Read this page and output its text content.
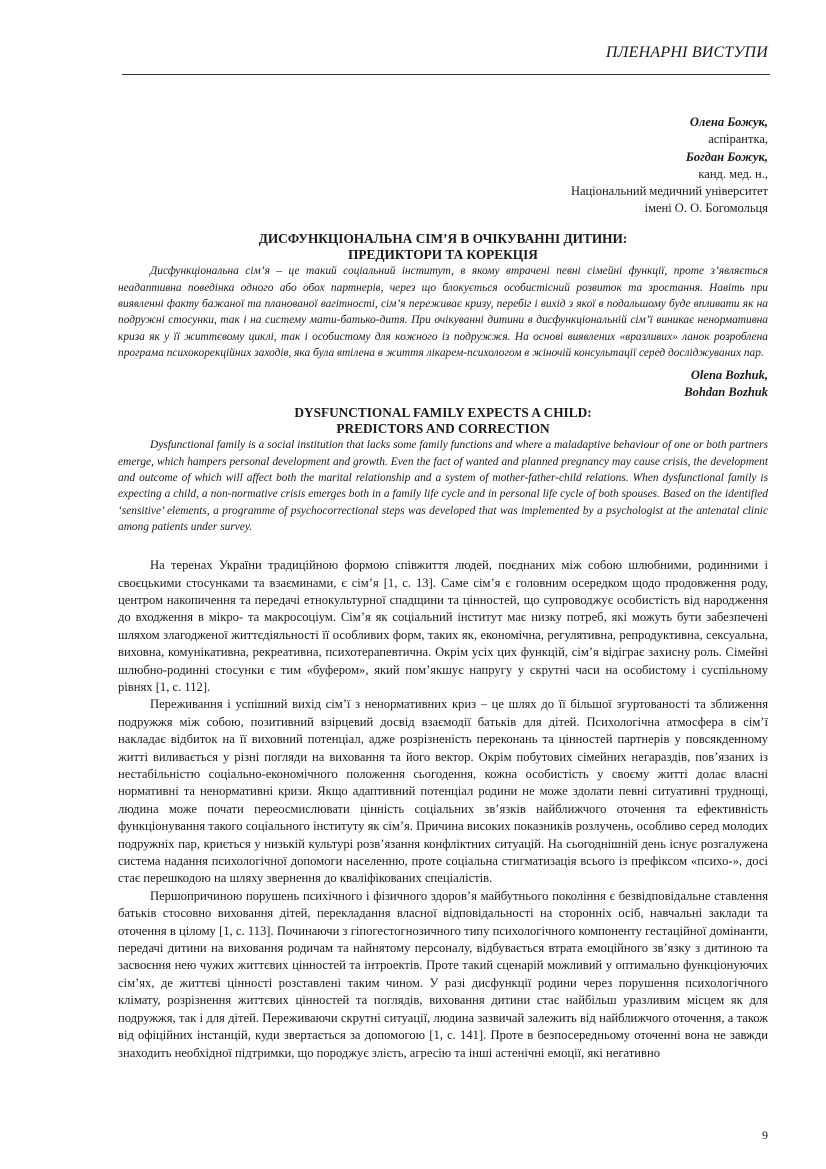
ПЛЕНАРНІ ВИСТУПИ
Олена Божук,
аспірантка,
Богдан Божук,
канд. мед. н.,
Національний медичний університет
імені О. О. Богомольця
ДИСФУНКЦІОНАЛЬНА СІМ’Я В ОЧІКУВАННІ ДИТИНИ:
ПРЕДИКТОРИ ТА КОРЕКЦІЯ

Дисфункціональна сім’я – це такий соціальний інститут, в якому втрачені певні сімейні функції, проте з’являється неадаптивна поведінка одного або обох партнерів, через що блокується особистісний розвиток та зростання. Навіть при виявленні факту бажаної та планованої вагітності, сім’я переживає кризу, перебіг і вихід з якої в подальшому буде впливати як на подружні стосунки, так і на систему мати-батько-дитя. При очікуванні дитини в дисфункціональній сім’ї виникає ненормативна криза як у її життєвому циклі, так і особистому для кожного із подружжя. На основі виявлених «вразливих» ланок розроблена програма психокорекційних заходів, яка була втілена в життя лікарем-психологом в жіночій консультації серед досліджуваних пар.

Olena Bozhuk,
Bohdan Bozhuk
DYSFUNCTIONAL FAMILY EXPECTS A CHILD:
PREDICTORS AND CORRECTION

Dysfunctional family is a social institution that lacks some family functions and where a maladaptive behaviour of one or both partners emerge, which hampers personal development and growth. Even the fact of wanted and planned pregnancy may cause crisis, the development and outcome of which will affect both the marital relationship and a system of mother-father-child relations. When dysfunctional family is expecting a child, a non-normative crisis emerges both in a family life cycle and in personal life cycle of both spouses. Based on the identified ‘sensitive’ elements, a programme of psychocorrectional steps was developed that was implemented by a psychologist at the antenatal clinic among patients under survey.

На теренах України традиційною формою співжиття людей, поєднаних між собою шлюбними, родинними і своєцькими стосунками та взаєминами, є сім’я [1, с. 13]. Саме сім’я є головним осередком щодо продовження роду, центром накопичення та передачі етнокультурної спадщини та цінностей, що супроводжує особистість від народження до входження в мікро- та макросоціум. Сім’я як соціальний інститут має низку потреб, які можуть бути забезпечені шляхом злагодженої життєдіяльності її особливих форм, таких як, економічна, регулятивна, репродуктивна, сексуальна, виховна, комунікативна, рекреативна, психотерапевтична. Окрім усіх цих функцій, сім’я відіграє захисну роль. Сімейні шлюбно-родинні стосунки є тим «буфером», який пом’якшує напругу у скрутні часи на особистому і суспільному рівнях [1, с. 112].

Переживання і успішний вихід сім’ї з ненормативних криз – це шлях до її більшої згуртованості та зближення подружжя між собою, позитивний взірцевий досвід взаємодії батьків для дітей. Психологічна атмосфера в сім’ї накладає відбиток на її виховний потенціал, адже розрізненість переконань та цінностей партнерів у повсякденному житті виливається у різні погляди на виховання та його вектор. Окрім побутових сімейних негараздів, пов’язаних із нестабільністю соціально-економічного положення сьогодення, кожна особистість у своєму житті долає власні нормативні та ненормативні кризи. Якщо адаптивний потенціал родини не може здолати певні ситуативні труднощі, людина може почати переосмислювати цінність соціальних зв’язків найближчого оточення та ефективність функціонування такого соціального інституту як сім’я. Причина високих показників розлучень, особливо серед молодих подружніх пар, криється у низькій культурі розв’язання конфліктних ситуацій. На сьогоднішній день існує розгалужена система надання психологічної допомоги населенню, проте соціальна стигматизація всього із префіксом «психо-», досі стає перешкодою на шляху звернення до кваліфікованих спеціалістів.

Першопричиною порушень психічного і фізичного здоров’я майбутнього покоління є безвідповідальне ставлення батьків стосовно виховання дітей, перекладання власної відповідальності на сторонніх осіб, навчальні заклади та оточення в цілому [1, с. 113]. Починаючи з гіпогестогнозичного типу психологічного компоненту гестаційної домінанти, передачі дитини на виховання родичам та найнятому персоналу, відбувається втрата емоційного зв’язку з дитиною та засвоєння нею чужих життєвих цінностей та інтроектів. Проте такий сценарій можливий у оптимально функціонуючих сім’ях, де життєві цінності розставлені таким чином. У разі дисфункції родини через порушення психологічного клімату, розрізнення життєвих цінностей та поглядів, виховання дитини стає найбільш уразливим місцем як для подружжя, так і для дітей. Переживаючи скрутні ситуації, людина зазвичай залежить від найближчого оточення, а також від офіційних інстанцій, куди звертається за допомогою [1, с. 141]. Проте в безпосередньому оточенні вона не завжди знаходить необхідної підтримки, що породжує злість, агресію та інші астенічні емоції, які негативно

9
